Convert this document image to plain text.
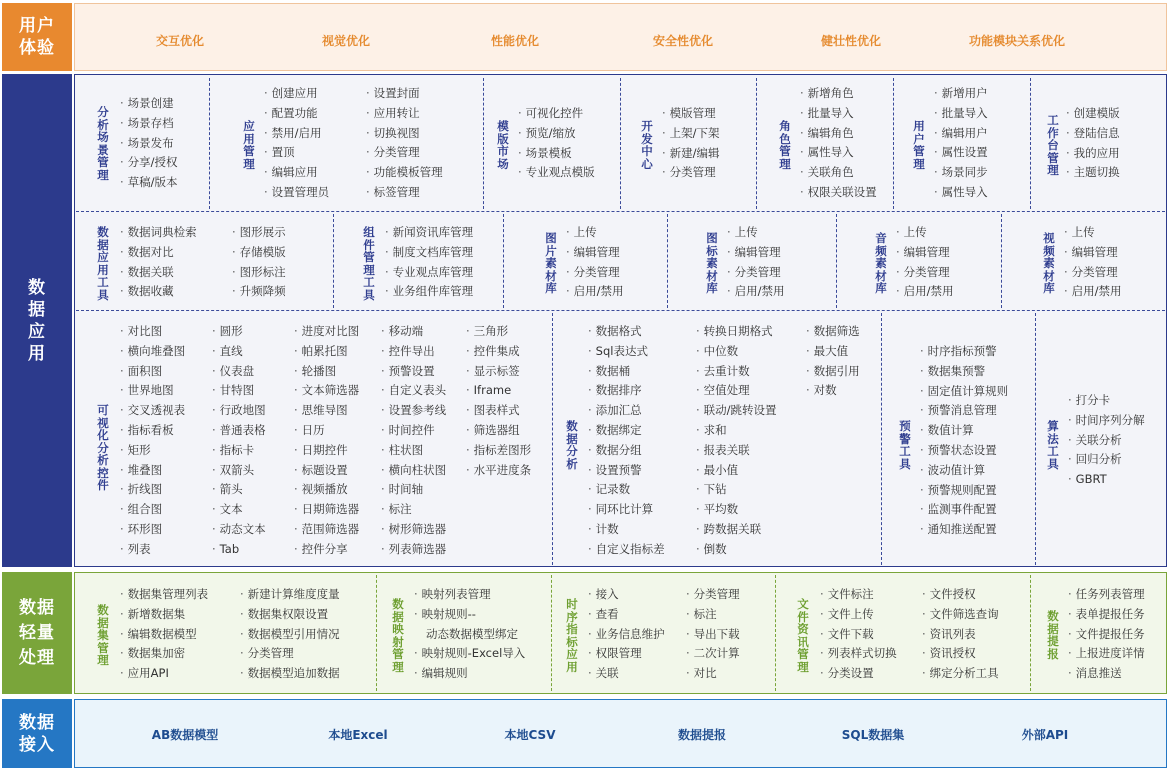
用户
体验	交互优化	视觉优化	性能优化	安全性优化	健壮性优化	功能模块关系优化
数
据
应
用
分
析
场
景
管
理
· 场景创建
· 场景存档
· 场景发布
· 分享/授权
· 草稿/版本
应
用
管
理
· 创建应用
· 配置功能
· 禁用/启用
· 置顶
· 编辑应用
· 设置管理员
· 设置封面
· 应用转让
· 切换视图
· 分类管理
· 功能模板管理
· 标签管理
模
版
市
场
· 可视化控件
· 预览/缩放
· 场景模板
· 专业观点模版
开
发
中
心
· 模版管理
· 上架/下架
· 新建/编辑
· 分类管理
角
色
管
理
· 新增角色
· 批量导入
· 编辑角色
· 属性导入
· 关联角色
· 权限关联设置
用
户
管
理
· 新增用户
· 批量导入
· 编辑用户
· 属性设置
· 场景同步
· 属性导入
工
作
台
管
理
· 创建模版
· 登陆信息
· 我的应用
· 主题切换
数
据
应
用
工
具
· 数据词典检索
· 数据对比
· 数据关联
· 数据收藏
· 图形展示
· 存储模版
· 图形标注
· 升频降频
组
件
管
理
工
具
· 新闻资讯库管理
· 制度文档库管理
· 专业观点库管理
· 业务组件库管理
图
片
素
材
库
· 上传
· 编辑管理
· 分类管理
· 启用/禁用
图
标
素
材
库
· 上传
· 编辑管理
· 分类管理
· 启用/禁用
音
频
素
材
库
· 上传
· 编辑管理
· 分类管理
· 启用/禁用
视
频
素
材
库
· 上传
· 编辑管理
· 分类管理
· 启用/禁用
可
视
化
分
析
控
件
· 对比图
· 横向堆叠图
· 面积图
· 世界地图
· 交叉透视表
· 指标看板
· 矩形
· 堆叠图
· 折线图
· 组合图
· 环形图
· 列表
· 圆形
· 直线
· 仪表盘
· 甘特图
· 行政地图
· 普通表格
· 指标卡
· 双箭头
· 箭头
· 文本
· 动态文本
· Tab
· 进度对比图
· 帕累托图
· 轮播图
· 文本筛选器
· 思维导图
· 日历
· 日期控件
· 标题设置
· 视频播放
· 日期筛选器
· 范围筛选器
· 控件分享
· 移动端
· 控件导出
· 预警设置
· 自定义表头
· 设置参考线
· 时间控件
· 柱状图
· 横向柱状图
· 时间轴
· 标注
· 树形筛选器
· 列表筛选器
· 三角形
· 控件集成
· 显示标签
· Iframe
· 图表样式
· 筛选器组
· 指标差图形
· 水平进度条
数
据
分
析
· 数据格式
· Sql表达式
· 数据桶
· 数据排序
· 添加汇总
· 数据绑定
· 数据分组
· 设置预警
· 记录数
· 同环比计算
· 计数
· 自定义指标差
· 转换日期格式
· 中位数
· 去重计数
· 空值处理
· 联动/跳转设置
· 求和
· 报表关联
· 最小值
· 下钻
· 平均数
· 跨数据关联
· 倒数
· 数据筛选
· 最大值
· 数据引用
· 对数
预
警
工
具
· 时序指标预警
· 数据集预警
· 固定值计算规则
· 预警消息管理
· 数值计算
· 预警状态设置
· 波动值计算
· 预警规则配置
· 监测事件配置
· 通知推送配置
算
法
工
具
· 打分卡
· 时间序列分解
· 关联分析
· 回归分析
· GBRT
数据
轻量
处理
数
据
集
管
理
· 数据集管理列表
· 新增数据集
· 编辑数据模型
· 数据集加密
· 应用API
· 新建计算维度度量
· 数据集权限设置
· 数据模型引用情况
· 分类管理
· 数据模型追加数据
数
据
映
射
管
理
· 映射列表管理
· 映射规则--
动态数据模型绑定
· 映射规则-Excel导入
· 编辑规则
时
序
指
标
应
用
· 接入
· 查看
· 业务信息维护
· 权限管理
· 关联
· 分类管理
· 标注
· 导出下载
· 二次计算
· 对比
文
件
资
讯
管
理
· 文件标注
· 文件上传
· 文件下载
· 列表样式切换
· 分类设置
· 文件授权
· 文件筛选查询
· 资讯列表
· 资讯授权
· 绑定分析工具
数
据
提
报
· 任务列表管理
· 表单提报任务
· 文件提报任务
· 上报进度详情
· 消息推送
数据
接入	AB数据模型	本地Excel	本地CSV	数据提报	SQL数据集	外部API
